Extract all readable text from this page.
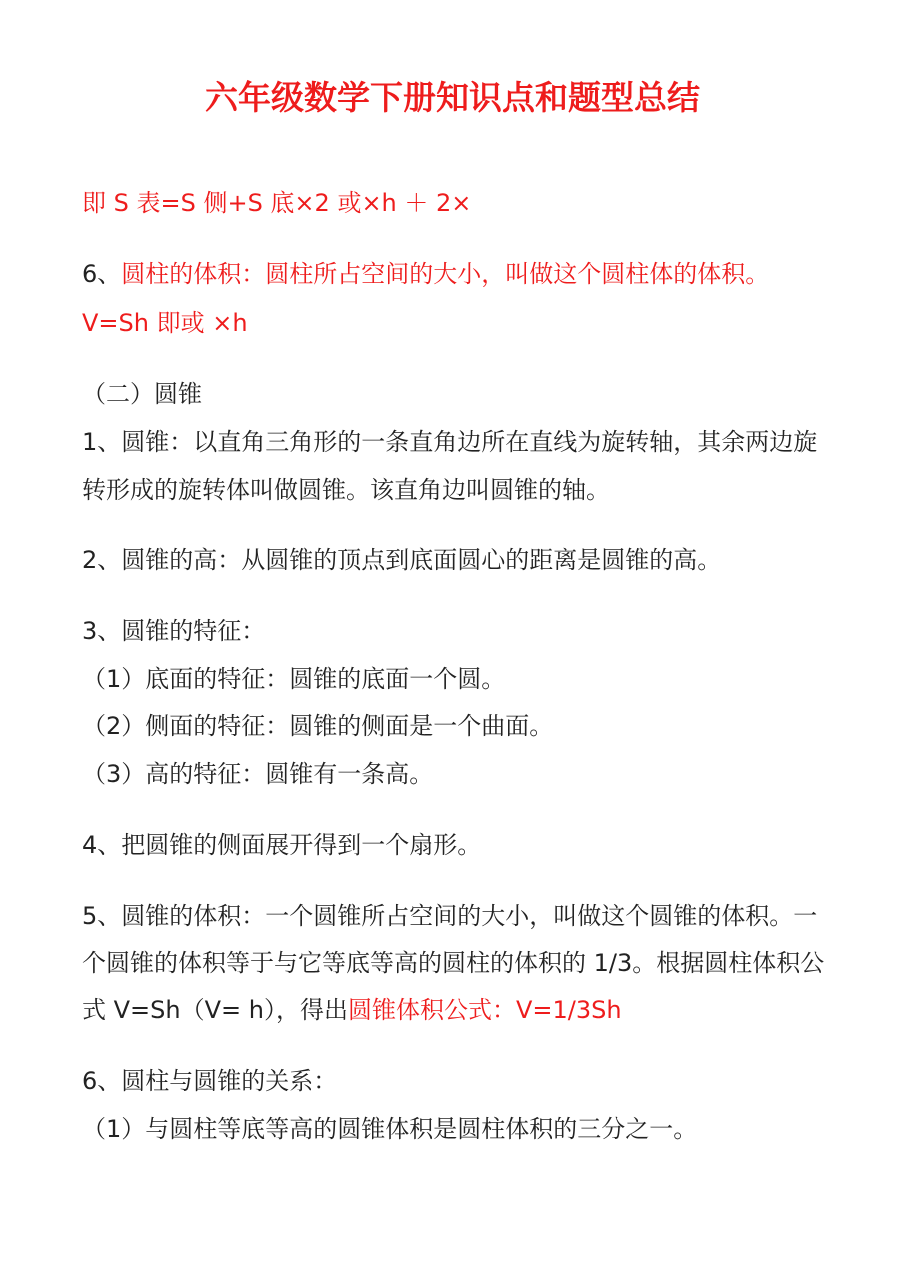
六年级数学下册知识点和题型总结
即 S 表=S 侧+S 底×2 或×h ＋ 2×
6、圆柱的体积：圆柱所占空间的大小，叫做这个圆柱体的体积。
V=Sh 即或 ×h
（二）圆锥
1、圆锥：以直角三角形的一条直角边所在直线为旋转轴，其余两边旋
转形成的旋转体叫做圆锥。该直角边叫圆锥的轴。
2、圆锥的高：从圆锥的顶点到底面圆心的距离是圆锥的高。
3、圆锥的特征：
（1）底面的特征：圆锥的底面一个圆。
（2）侧面的特征：圆锥的侧面是一个曲面。
（3）高的特征：圆锥有一条高。
4、把圆锥的侧面展开得到一个扇形。
5、圆锥的体积：一个圆锥所占空间的大小，叫做这个圆锥的体积。一
个圆锥的体积等于与它等底等高的圆柱的体积的 1/3。根据圆柱体积公
式 V=Sh（V= h），得出圆锥体积公式：V=1/3Sh
6、圆柱与圆锥的关系：
（1）与圆柱等底等高的圆锥体积是圆柱体积的三分之一。
